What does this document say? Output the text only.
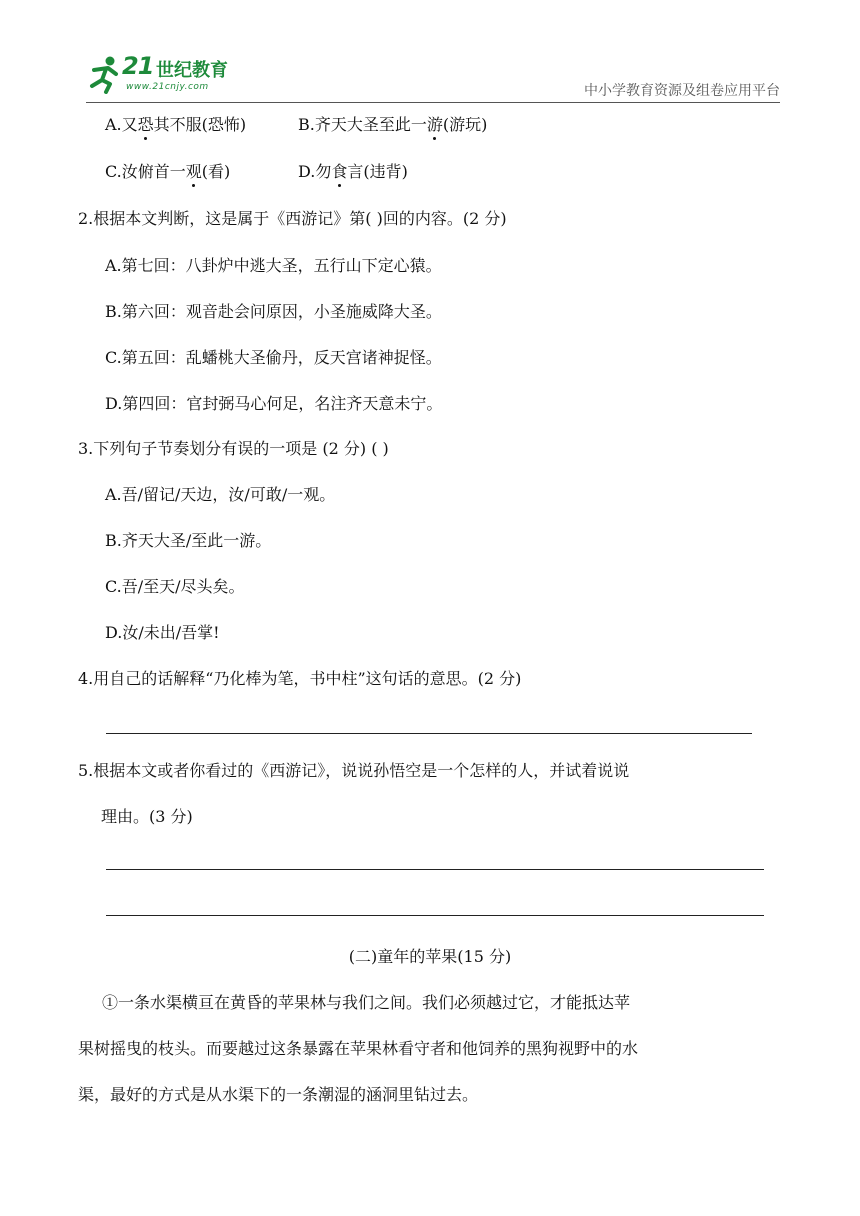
21 世纪教育
www.21cnjy.com	中小学教育资源及组卷应用平台
A.又恐其不服(恐怖)	B.齐天大圣至此一游(游玩)
C.汝俯首一观(看)	D.勿食言(违背)
2.根据本文判断，这是属于《西游记》第( )回的内容。(2 分)
A.第七回：八卦炉中逃大圣，五行山下定心猿。
B.第六回：观音赴会问原因，小圣施威降大圣。
C.第五回：乱蟠桃大圣偷丹，反天宫诸神捉怪。
D.第四回：官封弼马心何足，名注齐天意未宁。
3.下列句子节奏划分有误的一项是 (2 分) ( )
A.吾/留记/天边，汝/可敢/一观。
B.齐天大圣/至此一游。
C.吾/至天/尽头矣。
D.汝/未出/吾掌!
4.用自己的话解释“乃化棒为笔，书中柱”这句话的意思。(2 分)
5.根据本文或者你看过的《西游记》，说说孙悟空是一个怎样的人，并试着说说
理由。(3 分)
(二)童年的苹果(15 分)
①一条水渠横亘在黄昏的苹果林与我们之间。我们必须越过它，才能抵达苹
果树摇曳的枝头。而要越过这条暴露在苹果林看守者和他饲养的黑狗视野中的水
渠，最好的方式是从水渠下的一条潮湿的涵洞里钻过去。
